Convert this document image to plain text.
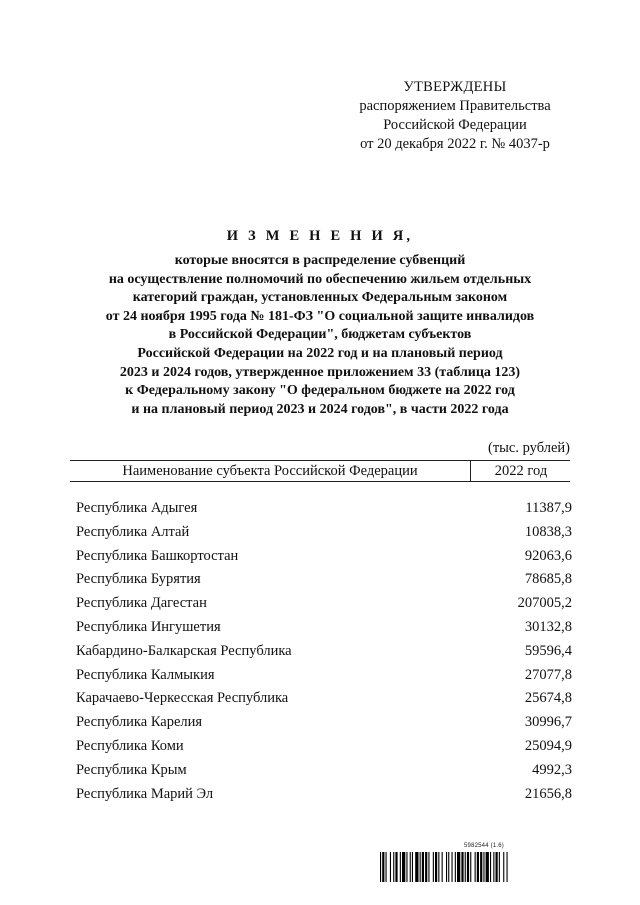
УТВЕРЖДЕНЫ
распоряжением Правительства
Российской Федерации
от 20 декабря 2022 г. № 4037-р
И З М Е Н Е Н И Я,
которые вносятся в распределение субвенций
на осуществление полномочий по обеспечению жильем отдельных
категорий граждан, установленных Федеральным законом
от 24 ноября 1995 года № 181-ФЗ "О социальной защите инвалидов
в Российской Федерации", бюджетам субъектов
Российской Федерации на 2022 год и на плановый период
2023 и 2024 годов, утвержденное приложением 33 (таблица 123)
к Федеральному закону "О федеральном бюджете на 2022 год
и на плановый период 2023 и 2024 годов", в части 2022 года
(тыс. рублей)
Наименование субъекта Российской Федерации	2022 год
Республика Адыгея	11387,9
Республика Алтай	10838,3
Республика Башкортостан	92063,6
Республика Бурятия	78685,8
Республика Дагестан	207005,2
Республика Ингушетия	30132,8
Кабардино-Балкарская Республика	59596,4
Республика Калмыкия	27077,8
Карачаево-Черкесская Республика	25674,8
Республика Карелия	30996,7
Республика Коми	25094,9
Республика Крым	4992,3
Республика Марий Эл	21656,8
5982544 (1.6)
